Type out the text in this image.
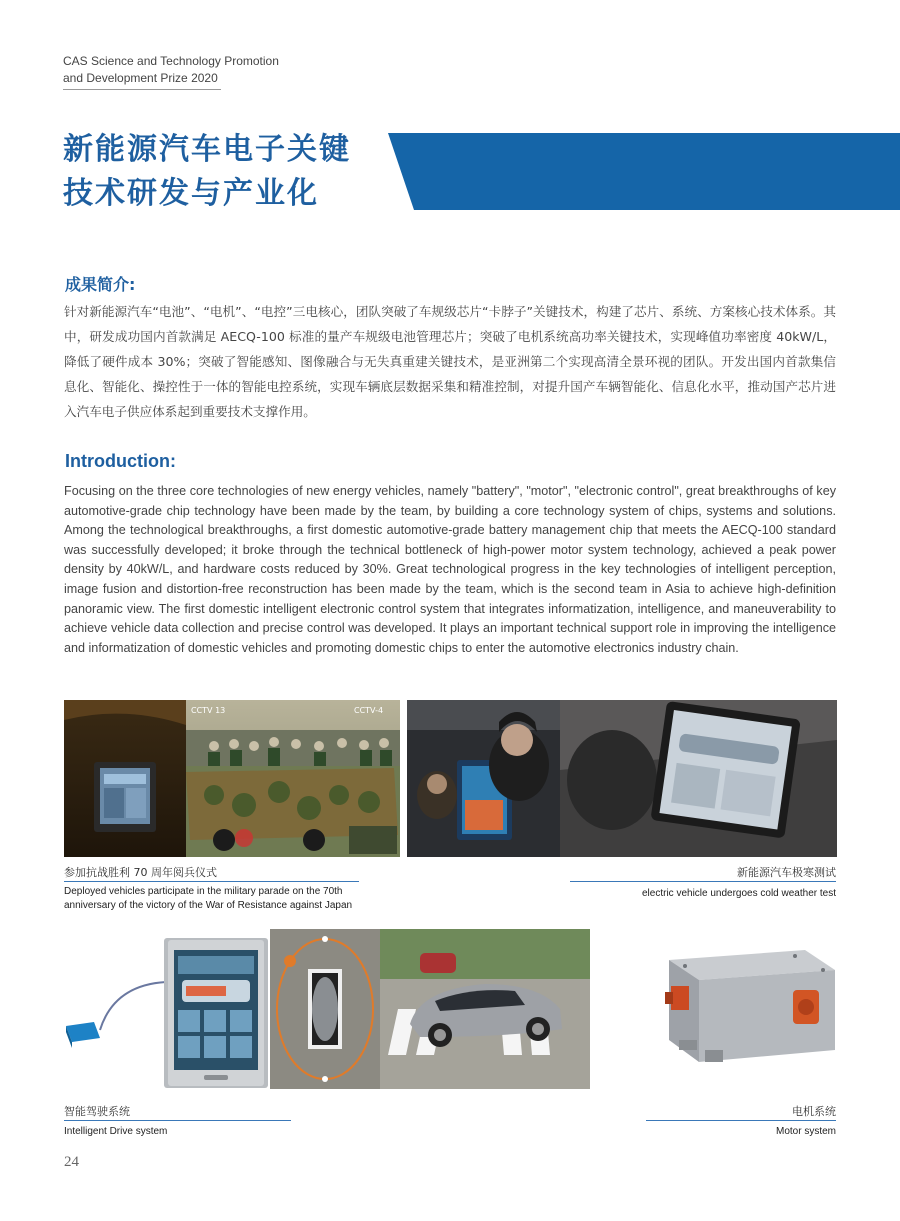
CAS Science and Technology Promotion
and Development Prize 2020
新能源汽车电子关键
技术研发与产业化
成果简介:
针对新能源汽车“电池”、“电机”、“电控”三电核心，团队突破了车规级芯片“卡脖子”关键技术，构建了芯片、系统、方案核心技术体系。其中，研发成功国内首款满足 AECQ-100 标准的量产车规级电池管理芯片；突破了电机系统高功率关键技术，实现峰值功率密度 40kW/L，降低了硬件成本 30%；突破了智能感知、图像融合与无失真重建关键技术，是亚洲第二个实现高清全景环视的团队。开发出国内首款集信息化、智能化、操控性于一体的智能电控系统，实现车辆底层数据采集和精准控制，对提升国产车辆智能化、信息化水平，推动国产芯片进入汽车电子供应体系起到重要技术支撑作用。
Introduction:
Focusing on the three core technologies of new energy vehicles, namely "battery", "motor", "electronic control", great breakthroughs of key automotive-grade chip technology have been made by the team, by building a core technology system of chips, systems and solutions. Among the technological breakthroughs, a first domestic automotive-grade battery management chip that meets the AECQ-100 standard was successfully developed; it broke through the technical bottleneck of high-power motor system technology, achieved a peak power density by 40kW/L, and hardware costs reduced by 30%. Great technological progress in the key technologies of intelligent perception, image fusion and distortion-free reconstruction has been made by the team, which is the second team in Asia to achieve high-definition panoramic view. The first domestic intelligent electronic control system that integrates informatization, intelligence, and maneuverability to achieve vehicle data collection and precise control was developed. It plays an important technical support role in improving the intelligence and informatization of domestic vehicles and promoting domestic chips to enter the automotive electronics industry chain.
CCTV 13	CCTV-4
参加抗战胜利 70 周年阅兵仪式
Deployed vehicles participate in the military parade on the 70th
anniversary of the victory of the War of Resistance against Japan
新能源汽车极寒测试
electric vehicle undergoes cold weather test
智能驾驶系统
Intelligent Drive system
电机系统
Motor system
24
